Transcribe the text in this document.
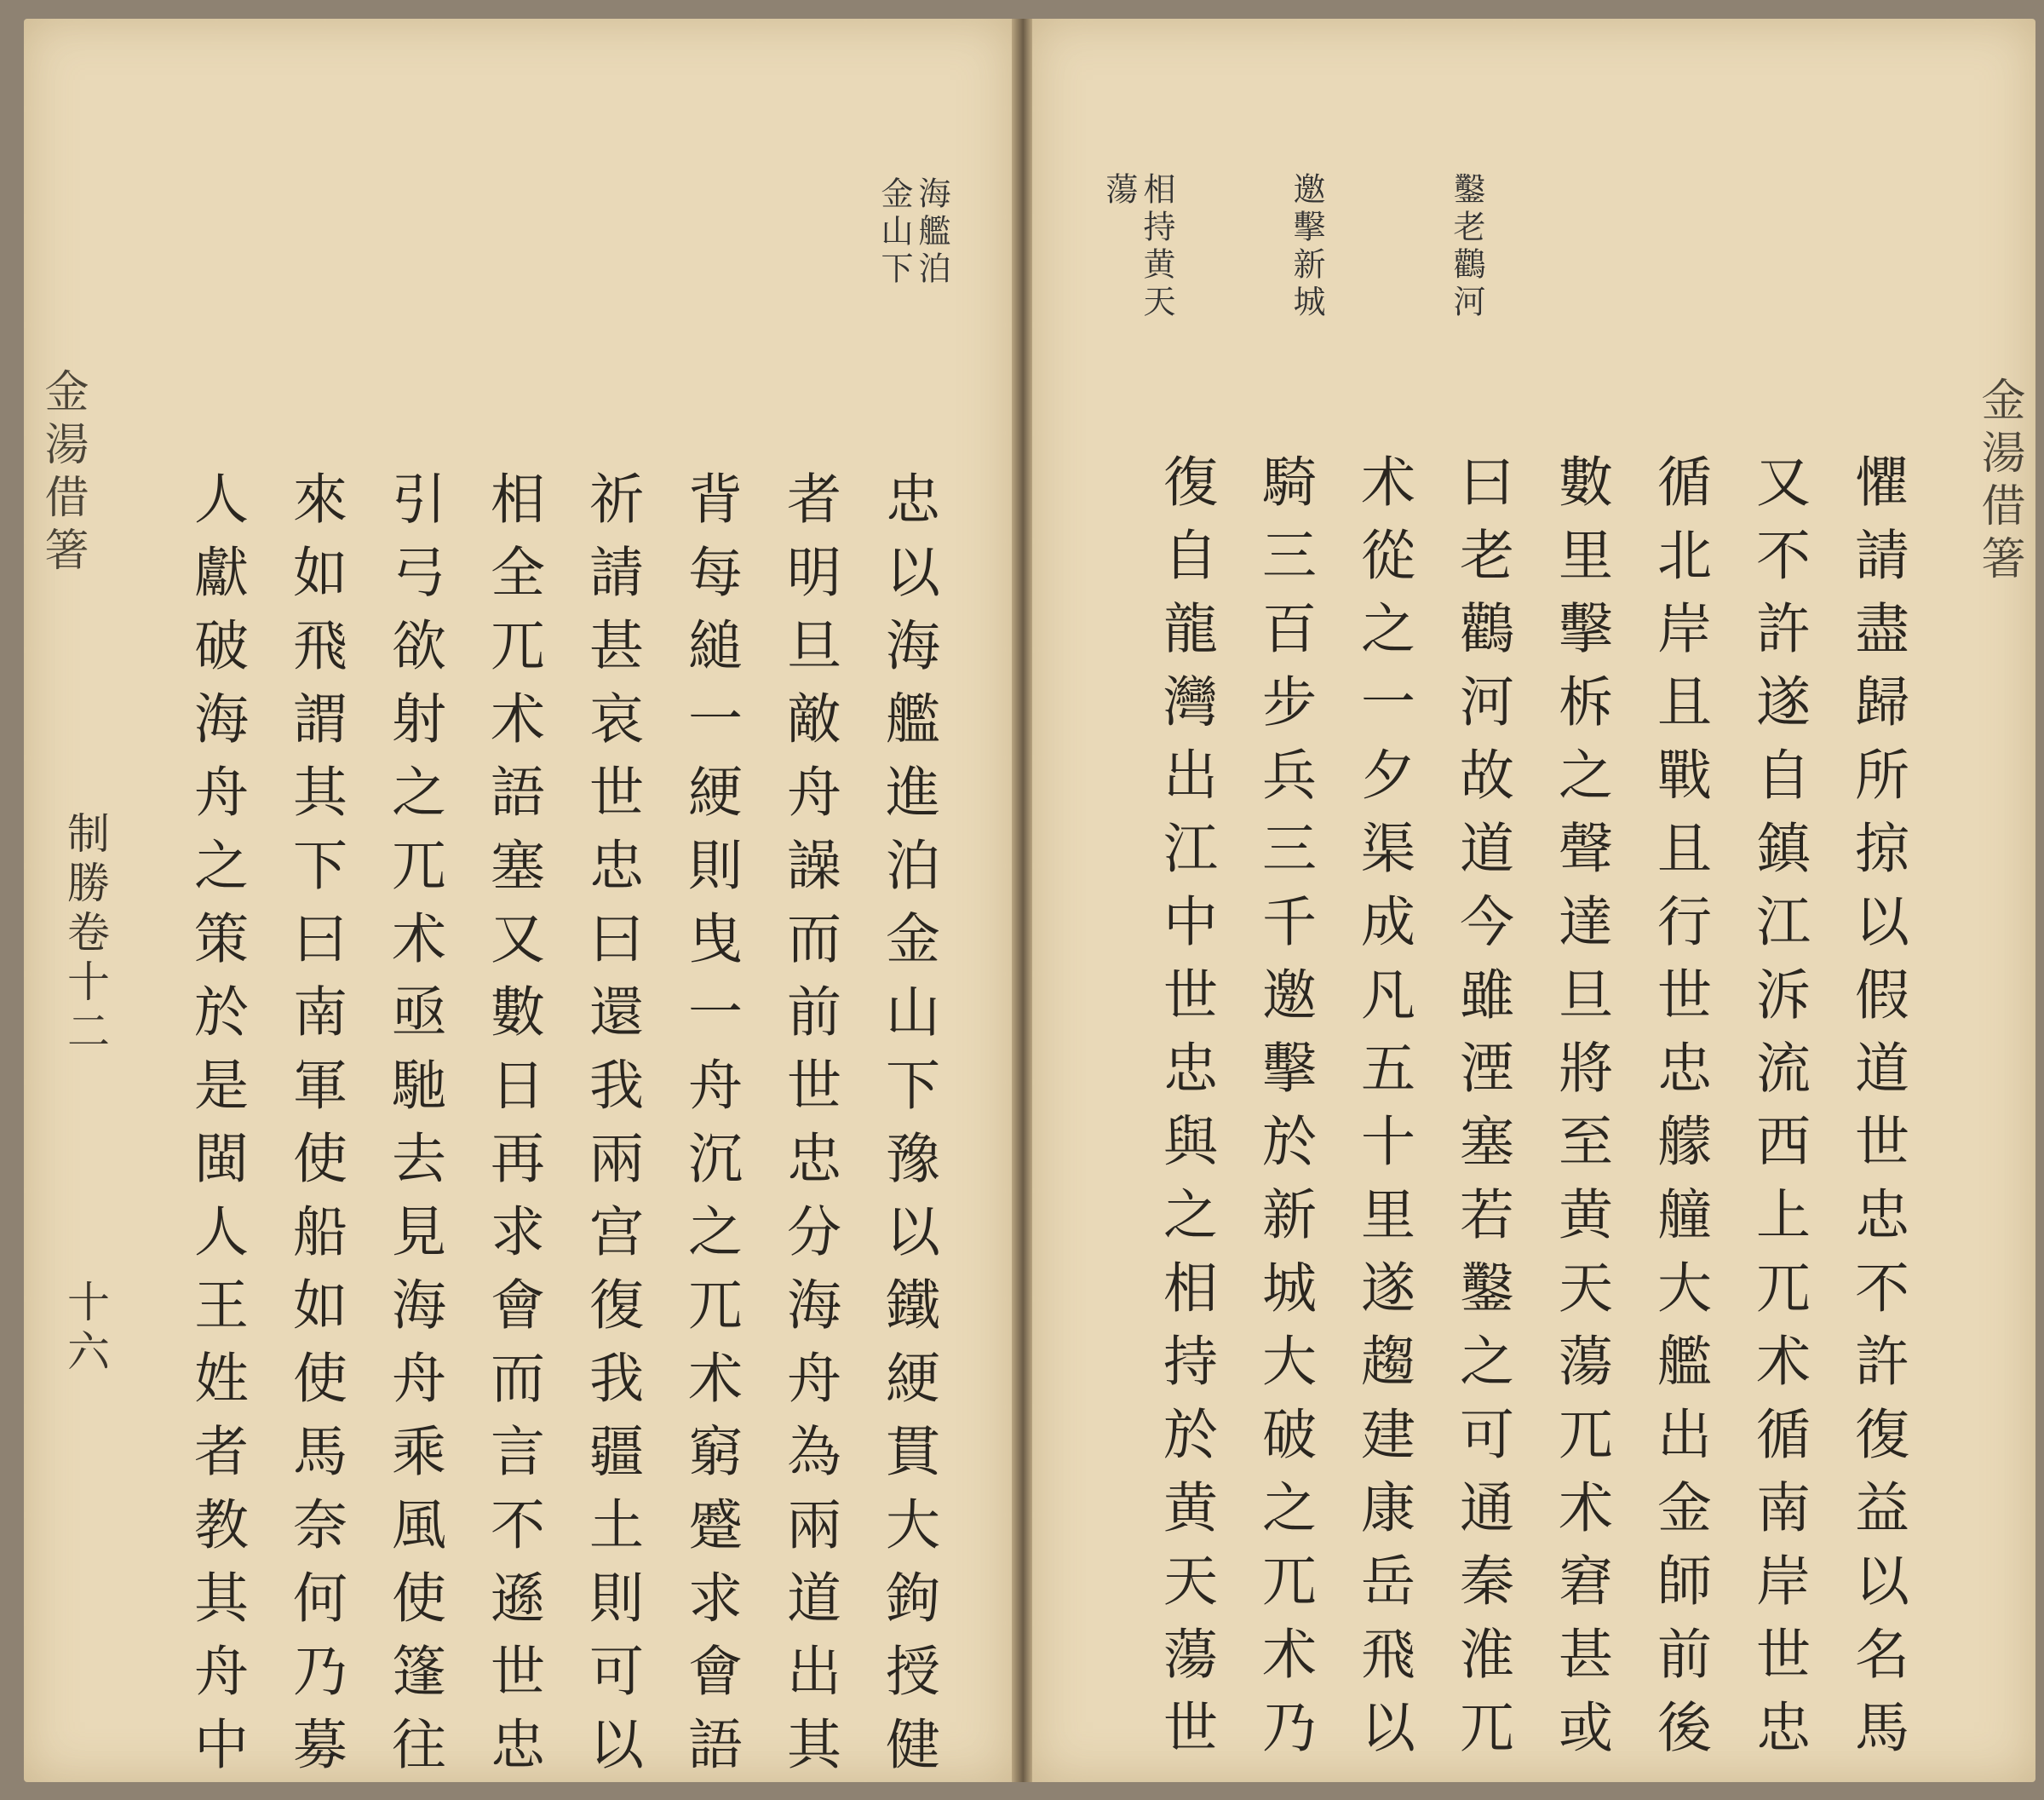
金湯借箸
制勝卷十二
十六
海艦泊金山下
忠以海艦進泊金山下豫以鐵綆貫大鉤授健
者明旦敵舟譟而前世忠分海舟為兩道出其
背每縋一綆則曳一舟沉之兀术窮蹙求會語
祈請甚哀世忠曰還我兩宫復我疆土則可以
相全兀术語塞又數日再求會而言不遜世忠
引弓欲射之兀术亟馳去見海舟乘風使篷往
來如飛謂其下曰南軍使船如使馬奈何乃募
人獻破海舟之策於是閩人王姓者教其舟中	金湯借箸
鑿老鸛河
邀擊新城
相持黄天蕩
懼請盡歸所掠以假道世忠不許復益以名馬
又不許遂自鎮江泝流西上兀术循南岸世忠
循北岸且戰且行世忠艨艟大艦出金師前後
數里擊柝之聲達旦將至黄天蕩兀术窘甚或
曰老鸛河故道今雖湮塞若鑿之可通秦淮兀
术從之一夕渠成凡五十里遂趨建康岳飛以
騎三百步兵三千邀擊於新城大破之兀术乃
復自龍灣出江中世忠與之相持於黄天蕩世
